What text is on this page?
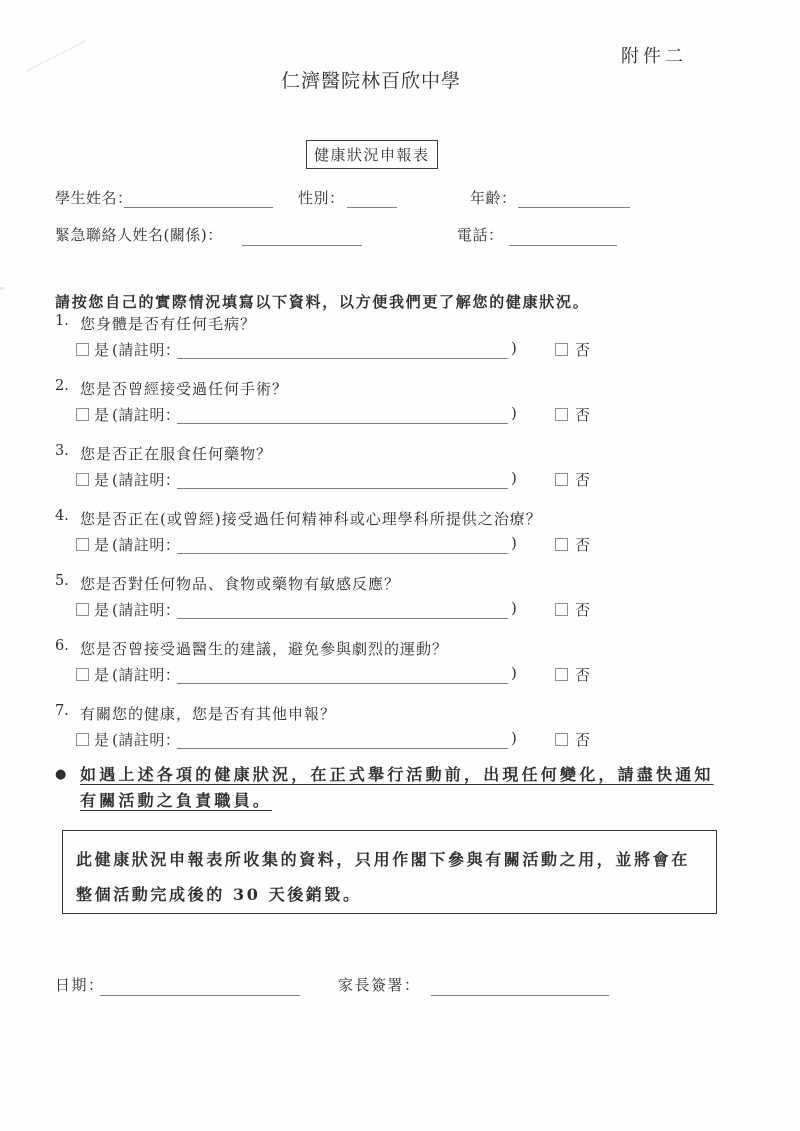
附件二
仁濟醫院林百欣中學
健康狀況申報表
學生姓名：	性別：	年齡：
緊急聯絡人姓名(關係)：	電話：
請按您自己的實際情況填寫以下資料，以方便我們更了解您的健康狀況。
1. 您身體是否有任何毛病？
是 (請註明：	)	否
2. 您是否曾經接受過任何手術？
是 (請註明：	)	否
3. 您是否正在服食任何藥物？
是 (請註明：	)	否
4. 您是否正在(或曾經)接受過任何精神科或心理學科所提供之治療？
是 (請註明：	)	否
5. 您是否對任何物品、食物或藥物有敏感反應？
是 (請註明：	)	否
6. 您是否曾接受過醫生的建議，避免參與劇烈的運動？
是 (請註明：	)	否
7. 有關您的健康，您是否有其他申報？
是 (請註明：	)	否
● 如遇上述各項的健康狀況，在正式舉行活動前，出現任何變化，請盡快通知有關活動之負責職員。
此健康狀況申報表所收集的資料，只用作閣下參與有關活動之用，並將會在整個活動完成後的 30 天後銷毀。
日期：	家長簽署：
